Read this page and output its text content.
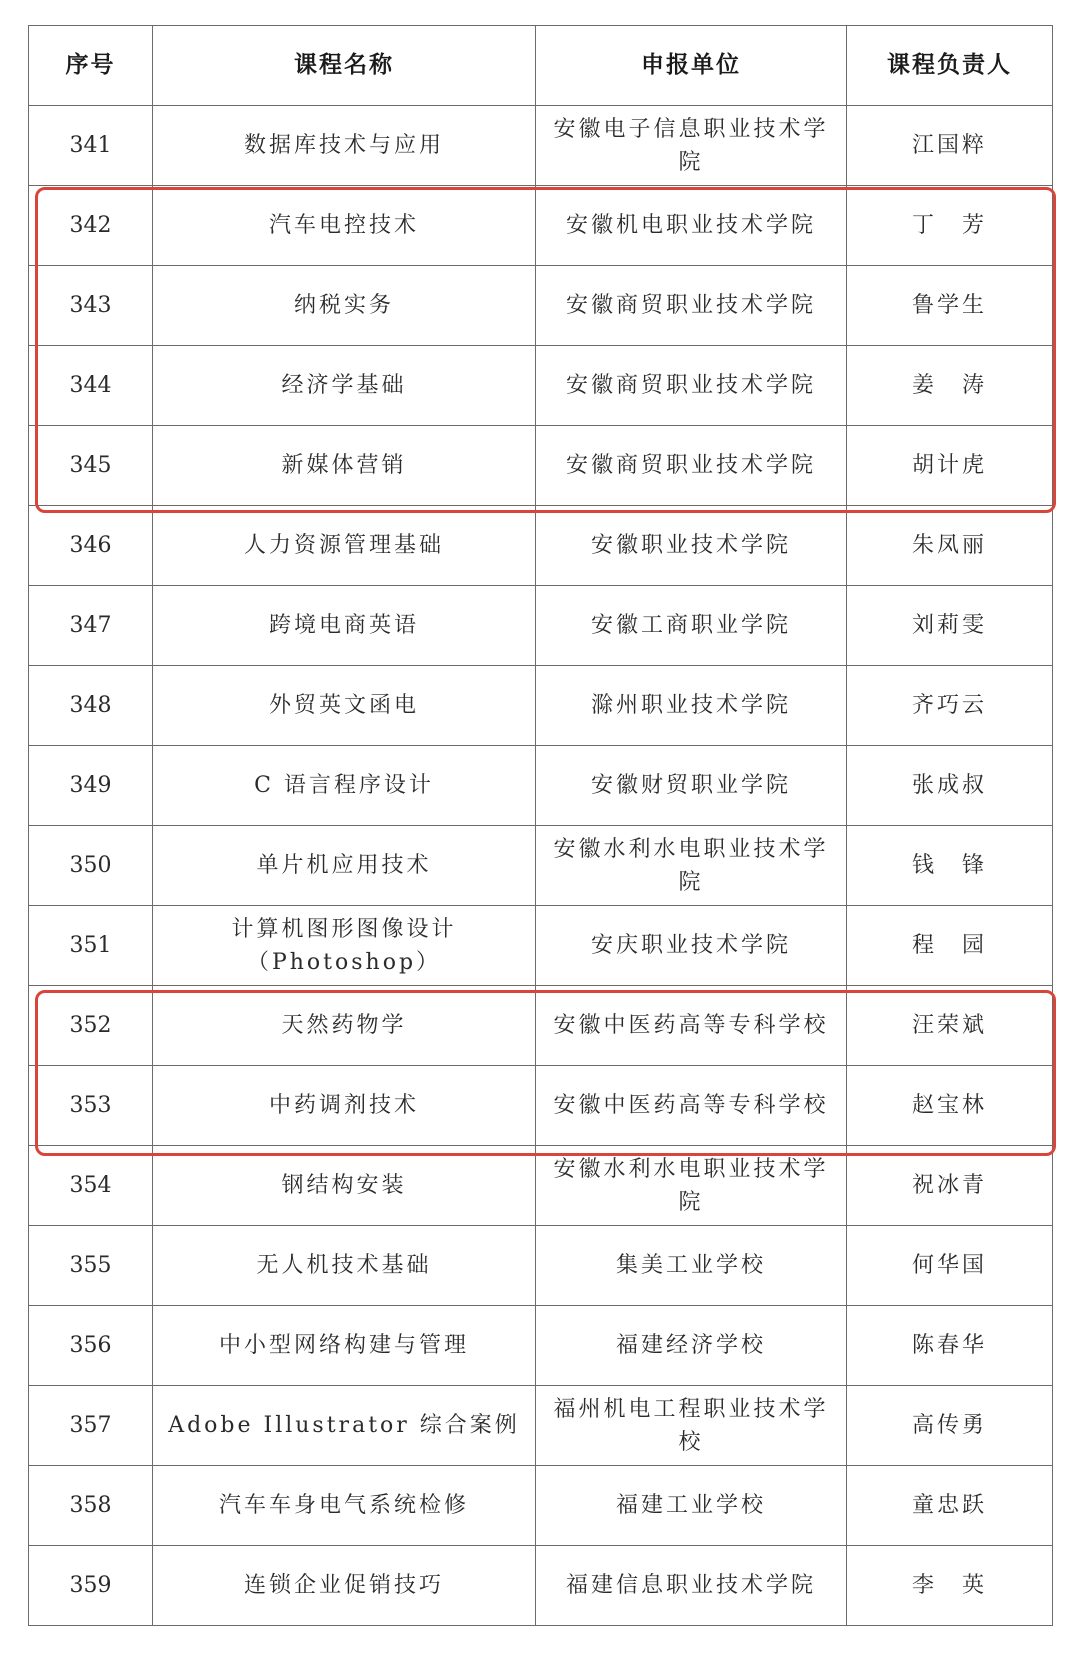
序号	课程名称	申报单位	课程负责人
341	数据库技术与应用	安徽电子信息职业技术学院	江国粹
342	汽车电控技术	安徽机电职业技术学院	丁　芳
343	纳税实务	安徽商贸职业技术学院	鲁学生
344	经济学基础	安徽商贸职业技术学院	姜　涛
345	新媒体营销	安徽商贸职业技术学院	胡计虎
346	人力资源管理基础	安徽职业技术学院	朱凤丽
347	跨境电商英语	安徽工商职业学院	刘莉雯
348	外贸英文函电	滁州职业技术学院	齐巧云
349	C 语言程序设计	安徽财贸职业学院	张成叔
350	单片机应用技术	安徽水利水电职业技术学院	钱　锋
351	计算机图形图像设计（Photoshop）	安庆职业技术学院	程　园
352	天然药物学	安徽中医药高等专科学校	汪荣斌
353	中药调剂技术	安徽中医药高等专科学校	赵宝林
354	钢结构安装	安徽水利水电职业技术学院	祝冰青
355	无人机技术基础	集美工业学校	何华国
356	中小型网络构建与管理	福建经济学校	陈春华
357	Adobe Illustrator 综合案例	福州机电工程职业技术学校	高传勇
358	汽车车身电气系统检修	福建工业学校	童忠跃
359	连锁企业促销技巧	福建信息职业技术学院	李　英
